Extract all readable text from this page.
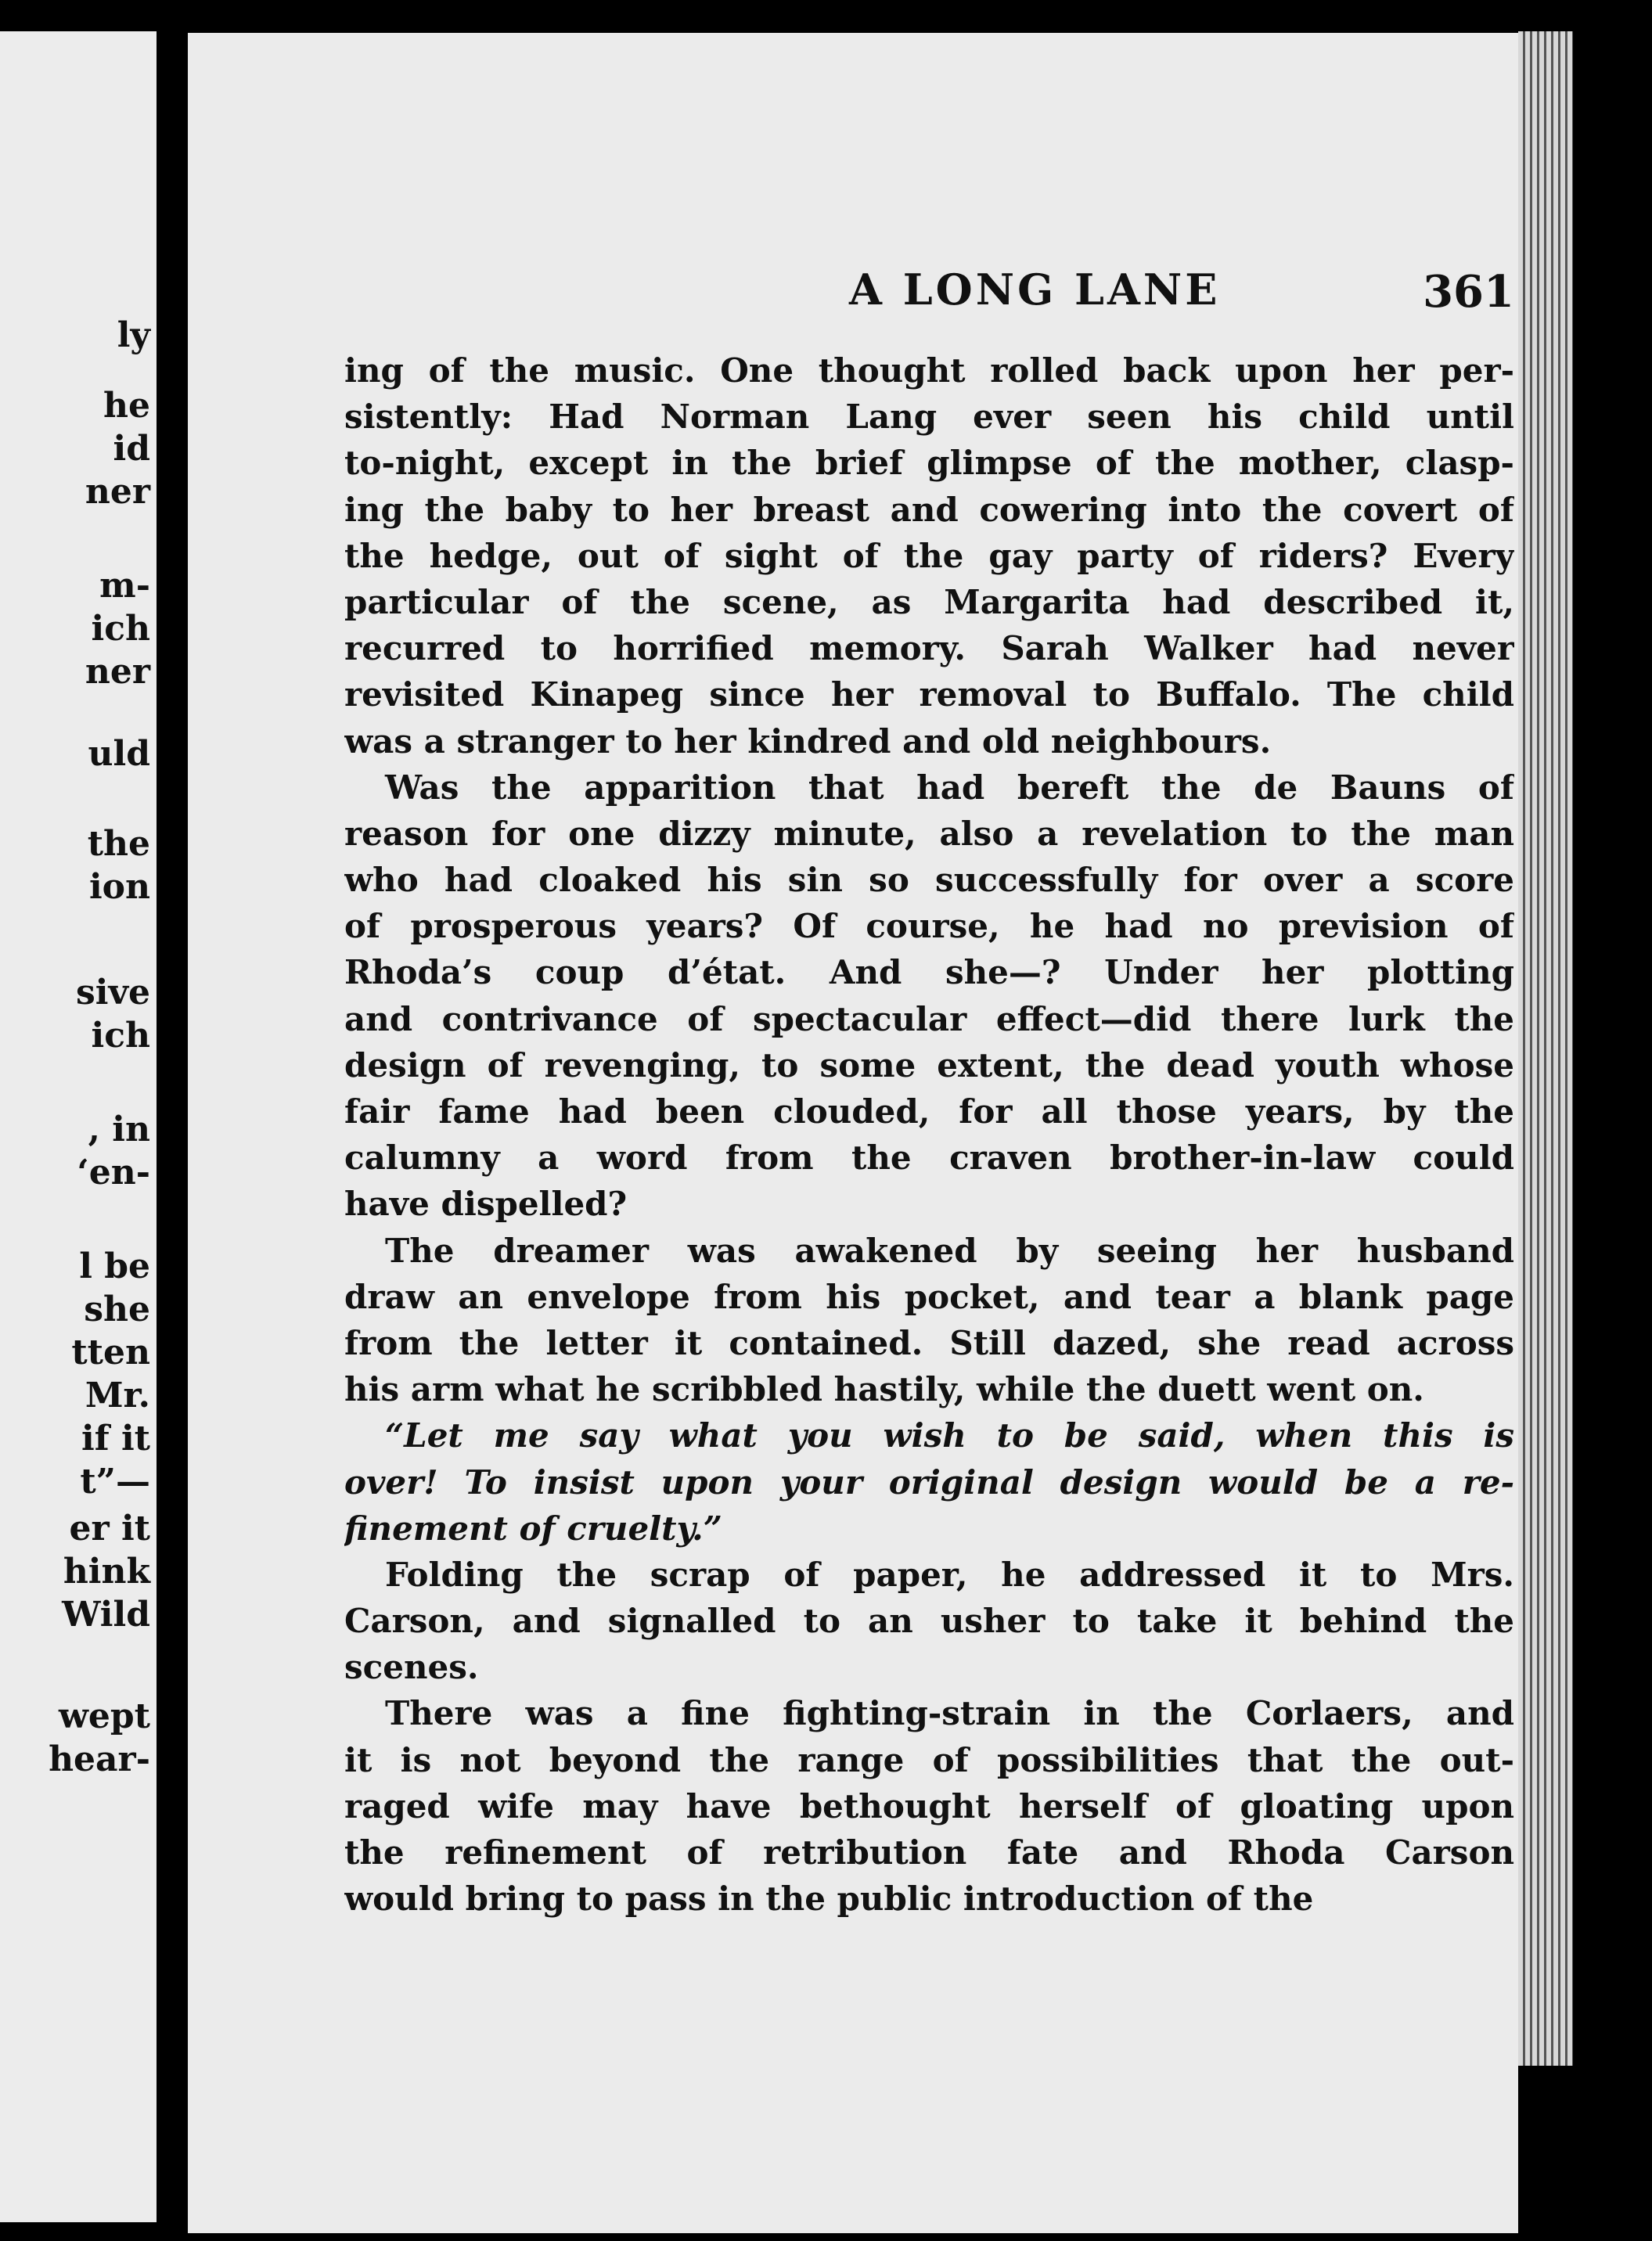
ly
he
id
ner
m-
ich
ner
uld
the
ion
sive
ich
, in
‘en-
l be
she
tten
Mr.
if it
t”—
er it
hink
Wild
wept
hear-
A LONG LANE	361
ing of the music. One thought rolled back upon her per-
sistently: Had Norman Lang ever seen his child until
to-night, except in the brief glimpse of the mother, clasp-
ing the baby to her breast and cowering into the covert of
the hedge, out of sight of the gay party of riders? Every
particular of the scene, as Margarita had described it,
recurred to horrified memory. Sarah Walker had never
revisited Kinapeg since her removal to Buffalo. The child
was a stranger to her kindred and old neighbours.
Was the apparition that had bereft the de Bauns of
reason for one dizzy minute, also a revelation to the man
who had cloaked his sin so successfully for over a score
of prosperous years? Of course, he had no prevision of
Rhoda’s coup d’état. And she—? Under her plotting
and contrivance of spectacular effect—did there lurk the
design of revenging, to some extent, the dead youth whose
fair fame had been clouded, for all those years, by the
calumny a word from the craven brother-in-law could
have dispelled?
The dreamer was awakened by seeing her husband
draw an envelope from his pocket, and tear a blank page
from the letter it contained. Still dazed, she read across
his arm what he scribbled hastily, while the duett went on.
“Let me say what you wish to be said, when this is
over! To insist upon your original design would be a re-
finement of cruelty.”
Folding the scrap of paper, he addressed it to Mrs.
Carson, and signalled to an usher to take it behind the
scenes.
There was a fine fighting-strain in the Corlaers, and
it is not beyond the range of possibilities that the out-
raged wife may have bethought herself of gloating upon
the refinement of retribution fate and Rhoda Carson
would bring to pass in the public introduction of the
